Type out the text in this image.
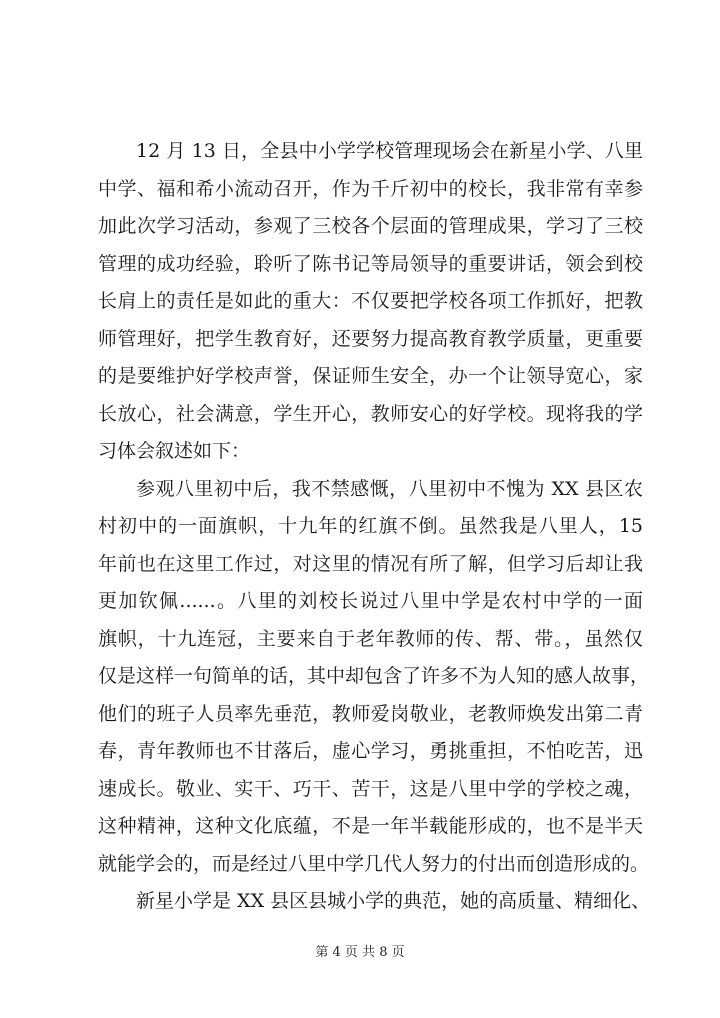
12 月 13 日，全县中小学学校管理现场会在新星小学、八里
中学、福和希小流动召开，作为千斤初中的校长，我非常有幸参
加此次学习活动，参观了三校各个层面的管理成果，学习了三校
管理的成功经验，聆听了陈书记等局领导的重要讲话，领会到校
长肩上的责任是如此的重大：不仅要把学校各项工作抓好，把教
师管理好，把学生教育好，还要努力提高教育教学质量，更重要
的是要维护好学校声誉，保证师生安全，办一个让领导宽心，家
长放心，社会满意，学生开心，教师安心的好学校。现将我的学
习体会叙述如下：
参观八里初中后，我不禁感慨，八里初中不愧为 XX 县区农
村初中的一面旗帜，十九年的红旗不倒。虽然我是八里人，15
年前也在这里工作过，对这里的情况有所了解，但学习后却让我
更加钦佩......。八里的刘校长说过八里中学是农村中学的一面
旗帜，十九连冠，主要来自于老年教师的传、帮、带。，虽然仅
仅是这样一句简单的话，其中却包含了许多不为人知的感人故事，
他们的班子人员率先垂范，教师爱岗敬业，老教师焕发出第二青
春，青年教师也不甘落后，虚心学习，勇挑重担，不怕吃苦，迅
速成长。敬业、实干、巧干、苦干，这是八里中学的学校之魂，
这种精神，这种文化底蕴，不是一年半载能形成的，也不是半天
就能学会的，而是经过八里中学几代人努力的付出而创造形成的。
新星小学是 XX 县区县城小学的典范，她的高质量、精细化、
第 4 页 共 8 页
